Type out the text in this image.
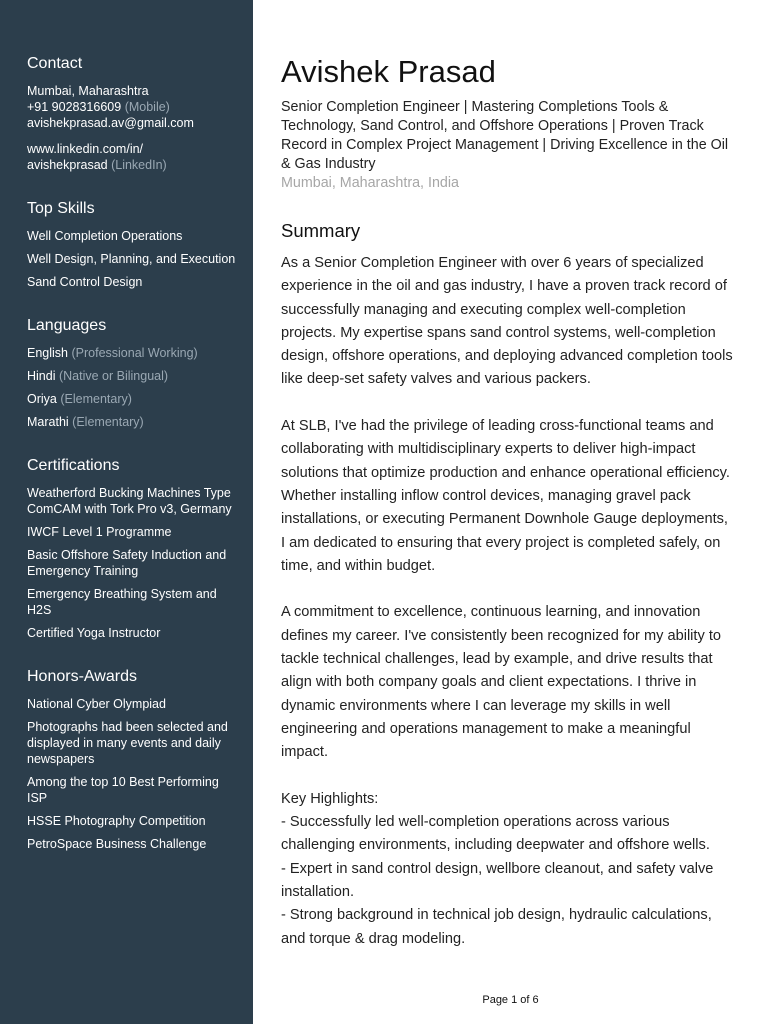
Contact
Mumbai, Maharashtra
+91 9028316609 (Mobile)
avishekprasad.av@gmail.com
www.linkedin.com/in/
avishekprasad (LinkedIn)
Top Skills
Well Completion Operations
Well Design, Planning, and Execution
Sand Control Design
Languages
English (Professional Working)
Hindi (Native or Bilingual)
Oriya (Elementary)
Marathi (Elementary)
Certifications
Weatherford Bucking Machines Type ComCAM with Tork Pro v3, Germany
IWCF Level 1 Programme
Basic Offshore Safety Induction and Emergency Training
Emergency Breathing System and H2S
Certified Yoga Instructor
Honors-Awards
National Cyber Olympiad
Photographs had been selected and displayed in many events and daily newspapers
Among the top 10 Best Performing ISP
HSSE Photography Competition
PetroSpace Business Challenge
Avishek Prasad
Senior Completion Engineer | Mastering Completions Tools & Technology, Sand Control, and Offshore Operations | Proven Track Record in Complex Project Management | Driving Excellence in the Oil & Gas Industry
Mumbai, Maharashtra, India
Summary

As a Senior Completion Engineer with over 6 years of specialized experience in the oil and gas industry, I have a proven track record of successfully managing and executing complex well-completion projects. My expertise spans sand control systems, well-completion design, offshore operations, and deploying advanced completion tools like deep-set safety valves and various packers.

At SLB, I've had the privilege of leading cross-functional teams and collaborating with multidisciplinary experts to deliver high-impact solutions that optimize production and enhance operational efficiency. Whether installing inflow control devices, managing gravel pack installations, or executing Permanent Downhole Gauge deployments, I am dedicated to ensuring that every project is completed safely, on time, and within budget.

A commitment to excellence, continuous learning, and innovation defines my career. I've consistently been recognized for my ability to tackle technical challenges, lead by example, and drive results that align with both company goals and client expectations. I thrive in dynamic environments where I can leverage my skills in well engineering and operations management to make a meaningful impact.

Key Highlights:
- Successfully led well-completion operations across various challenging environments, including deepwater and offshore wells.
- Expert in sand control design, wellbore cleanout, and safety valve installation.
- Strong background in technical job design, hydraulic calculations, and torque & drag modeling.
Page 1 of 6
